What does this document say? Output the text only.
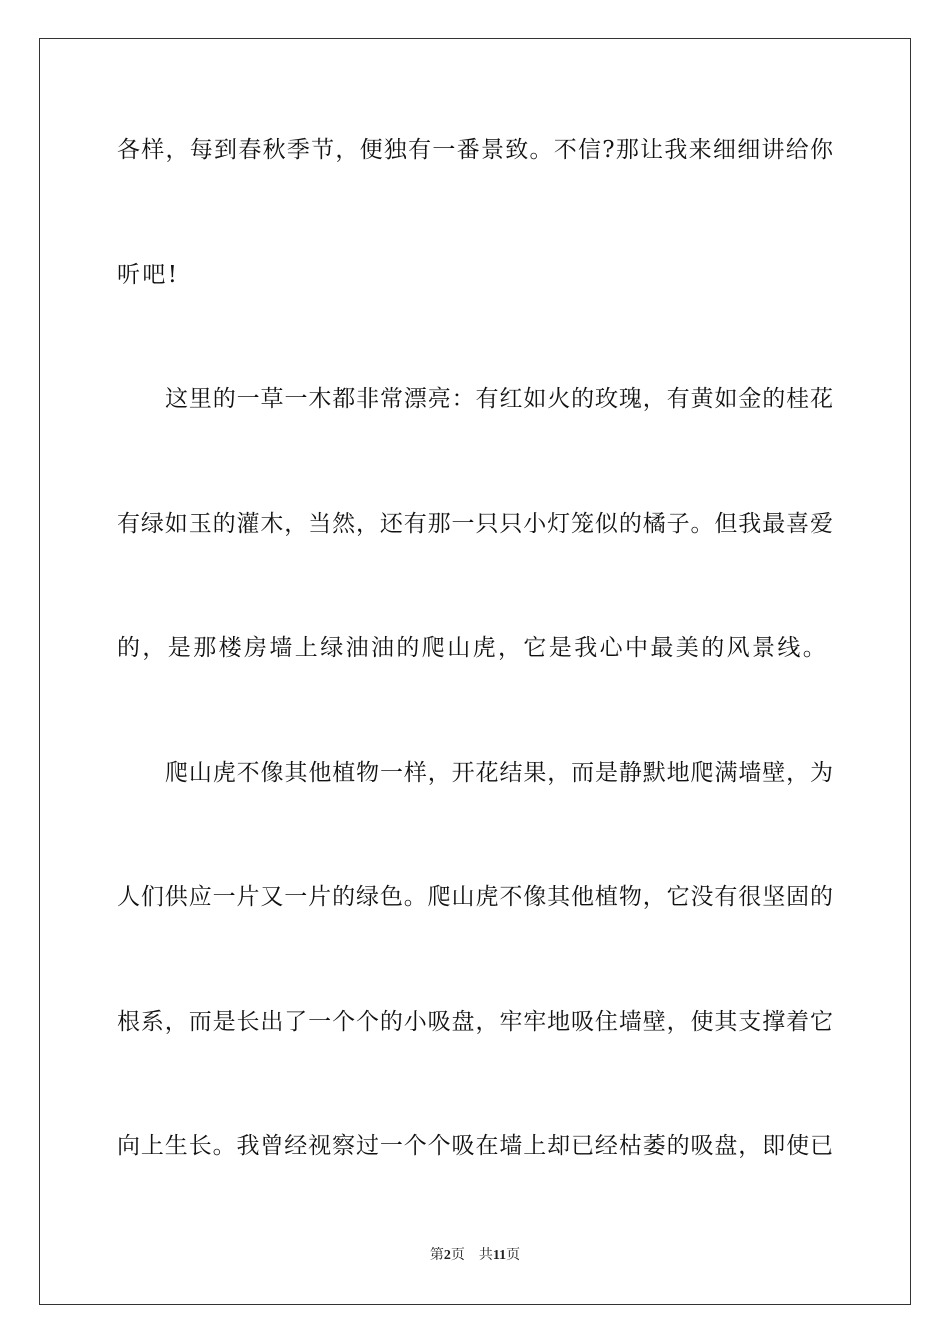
各样，每到春秋季节，便独有一番景致。不信?那让我来细细讲给你

听吧!

这里的一草一木都非常漂亮：有红如火的玫瑰，有黄如金的桂花

有绿如玉的灌木，当然，还有那一只只小灯笼似的橘子。但我最喜爱

的，是那楼房墙上绿油油的爬山虎，它是我心中最美的风景线。

爬山虎不像其他植物一样，开花结果，而是静默地爬满墙壁，为

人们供应一片又一片的绿色。爬山虎不像其他植物，它没有很坚固的

根系，而是长出了一个个的小吸盘，牢牢地吸住墙壁，使其支撑着它

向上生长。我曾经视察过一个个吸在墙上却已经枯萎的吸盘，即使已

第2页 共11页
